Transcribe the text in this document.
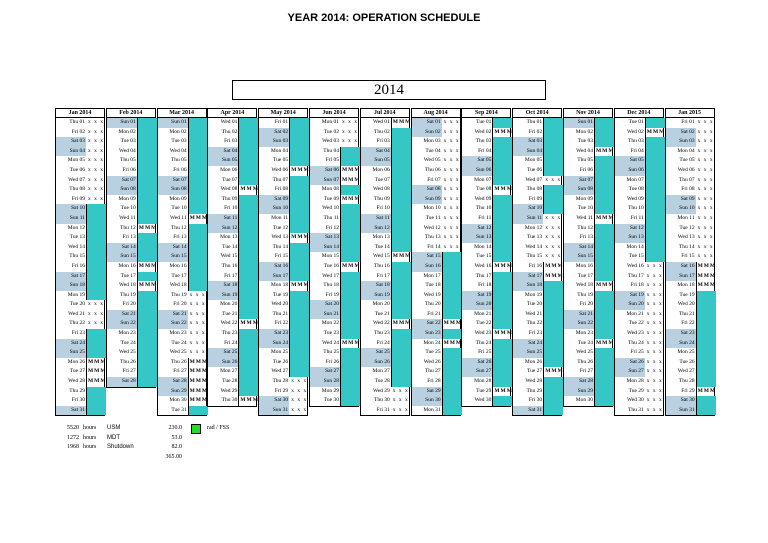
YEAR 2014: OPERATION SCHEDULE
2014
Jan 2014
Thu 01 x x x
Fri 02 x x x
Sat 03 x x x
Sun 04 x x x
Mon 05 x x x
Tue 06 x x x
Wed 07 x x x
Thu 08 x x x
Fri 09 x x x
Sat 10
Sun 11
Mon 12
Tue 13
Wed 14
Thu 15
Fri 16
Sat 17
Sun 18
Mon 19
Tue 20 x x x
Wed 21 x x x
Thu 22 x x x
Fri 23
Sat 24
Sun 25
Mon 26 M M M
Tue 27 M M M
Wed 28 M M M
Thu 29
Fri 30
Sat 31
Feb 2014
Sun 01
Mon 02
Tue 03
Wed 04
Thu 05
Fri 06
Sat 07
Sun 08
Mon 09
Tue 10
Wed 11
Thu 12 M M M
Fri 13
Sat 14
Sun 15
Mon 16 M M M
Tue 17
Wed 18 M M M
Thu 19
Fri 20
Sat 21
Sun 22
Mon 23
Tue 24
Wed 25
Thu 26
Fri 27
Sat 28
Mar 2014
Sun 01
Mon 02
Tue 03
Wed 04
Thu 05
Fri 06
Sat 07
Sun 08
Mon 09
Tue 10
Wed 11 M M M
Thu 12
Fri 13
Sat 14
Sun 15
Mon 16
Tue 17
Wed 18
Thu 19 x x x
Fri 20 x x x
Sat 21 x x x
Sun 22 x x x
Mon 23 x x x
Tue 24 x x x
Wed 25 x x x
Thu 26 M M M
Fri 27 M M M
Sat 28 M M M
Sun 29 M M M
Mon 30 M M M
Tue 31
Apr 2014
Wed 01
Thu 02
Fri 03
Sat 04
Sun 05
Mon 06
Tue 07
Wed 08 M M M
Thu 09
Fri 10
Sat 11
Sun 12
Mon 13
Tue 14
Wed 15
Thu 16
Fri 17
Sat 18
Sun 19
Mon 20
Tue 21
Wed 22 M M M
Thu 23
Fri 24
Sat 25
Sun 26
Mon 27
Tue 28
Wed 29
Thu 30 M M M
May 2014
Fri 01
Sat 02
Sun 03
Mon 04
Tue 05
Wed 06 M M M
Thu 07
Fri 08
Sat 09
Sun 10
Mon 11
Tue 12
Wed 13 M M M
Thu 14
Fri 15
Sat 16
Sun 17
Mon 18 M M M
Tue 19
Wed 20
Thu 21
Fri 22
Sat 23
Sun 24
Mon 25
Tue 26
Wed 27
Thu 28 x x x
Fri 29 x x x
Sat 30 x x x
Sun 31 x x x
Jun 2014
Mon 01 x x x
Tue 02 x x x
Wed 03 x x x
Thu 04
Fri 05
Sat 06 M M M
Sun 07 M M M
Mon 08
Tue 09 M M M
Wed 10
Thu 11
Fri 12
Sat 13
Sun 14
Mon 15
Tue 16 M M M
Wed 17
Thu 18
Fri 19
Sat 20
Sun 21
Mon 22
Tue 23
Wed 24 M M M
Thu 25
Fri 26
Sat 27
Sun 28
Mon 29
Tue 30
Jul 2014
Wed 01 M M M
Thu 02
Fri 03
Sat 04
Sun 05
Mon 06
Tue 07
Wed 08
Thu 09
Fri 10
Sat 11
Sun 12
Mon 13
Tue 14
Wed 15 M M M
Thu 16
Fri 17
Sat 18
Sun 19
Mon 20
Tue 21
Wed 22 M M M
Thu 23
Fri 24
Sat 25
Sun 26
Mon 27
Tue 28
Wed 29 x x x
Thu 30 x x x
Fri 31 x x x
Aug 2014
Sat 01 x x x
Sun 02 x x x
Mon 03 x x x
Tue 04 x x x
Wed 05 x x x
Thu 06 x x x
Fri 07 x x x
Sat 08 x x x
Sun 09 x x x
Mon 10 x x x
Tue 11 x x x
Wed 12 x x x
Thu 13 x x x
Fri 14 x x x
Sat 15
Sun 16
Mon 17
Tue 18
Wed 19
Thu 20
Fri 21
Sat 22 M M M
Sun 23
Mon 24 M M M
Tue 25
Wed 26
Thu 27
Fri 28
Sat 29
Sun 30
Mon 31
Sep 2014
Tue 01
Wed 02 M M M
Thu 03
Fri 04
Sat 05
Sun 06
Mon 07
Tue 08 M M M
Wed 09
Thu 10
Fri 11
Sat 12
Sun 13
Mon 14
Tue 15
Wed 16 M M M
Thu 17
Fri 18
Sat 19
Sun 20
Mon 21
Tue 22
Wed 23 M M M
Thu 24
Fri 25
Sat 26
Sun 27
Mon 28
Tue 29 M M M
Wed 30
Oct 2014
Thu 01
Fri 02
Sat 03
Sun 04
Mon 05
Tue 06
Wed 07 x x x
Thu 08
Fri 09
Sat 10
Sun 11 x x x
Mon 12 x x x
Tue 13 x x x
Wed 14 x x x
Thu 15 x x x
Fri 16 M M M
Sat 17 M M M
Sun 18
Mon 19
Tue 20
Wed 21
Thu 22
Fri 23
Sat 24
Sun 25
Mon 26
Tue 27 M M M
Wed 28
Thu 29
Fri 30
Sat 31
Nov 2014
Sun 01
Mon 02
Tue 03
Wed 04 M M M
Thu 05
Fri 06
Sat 07
Sun 08
Mon 09
Tue 10
Wed 11 M M M
Thu 12
Fri 13
Sat 14
Sun 15
Mon 16
Tue 17
Wed 18 M M M
Thu 19
Fri 20
Sat 21
Sun 22
Mon 23
Tue 24 M M M
Wed 25
Thu 26
Fri 27
Sat 28
Sun 29
Mon 30
Dec 2014
Tue 01
Wed 02 M M M
Thu 03
Fri 04
Sat 05
Sun 06
Mon 07
Tue 08
Wed 09
Thu 10
Fri 11
Sat 12
Sun 13
Mon 14
Tue 15
Wed 16 x x x
Thu 17 x x x
Fri 18 x x x
Sat 19 x x x
Sun 20 x x x
Mon 21 x x x
Tue 22 x x x
Wed 23 x x x
Thu 24 x x x
Fri 25 x x x
Sat 26 x x x
Sun 27 x x x
Mon 28 x x x
Tue 29 x x x
Wed 30 x x x
Thu 31 x x x
Jan 2015
Fri 01 x x x
Sat 02 x x x
Sun 03 x x x
Mon 04 x x x
Tue 05 x x x
Wed 06 x x x
Thu 07 x x x
Fri 08 x x x
Sat 09 x x x
Sun 10 x x x
Mon 11 x x x
Tue 12 x x x
Wed 13 x x x
Thu 14 x x x
Fri 15 x x x
Sat 16 M M M
Sun 17 M M M
Mon 18 M M M
Tue 19
Wed 20
Thu 21
Fri 22
Sat 23
Sun 24
Mon 25
Tue 26
Wed 27
Thu 28
Fri 29 M M M
Sat 30
Sun 31
5520 hours USM
1272 hours MDT
1968 hours Shutdown
230.0
53.0
82.0
365.00
rad / FSS
